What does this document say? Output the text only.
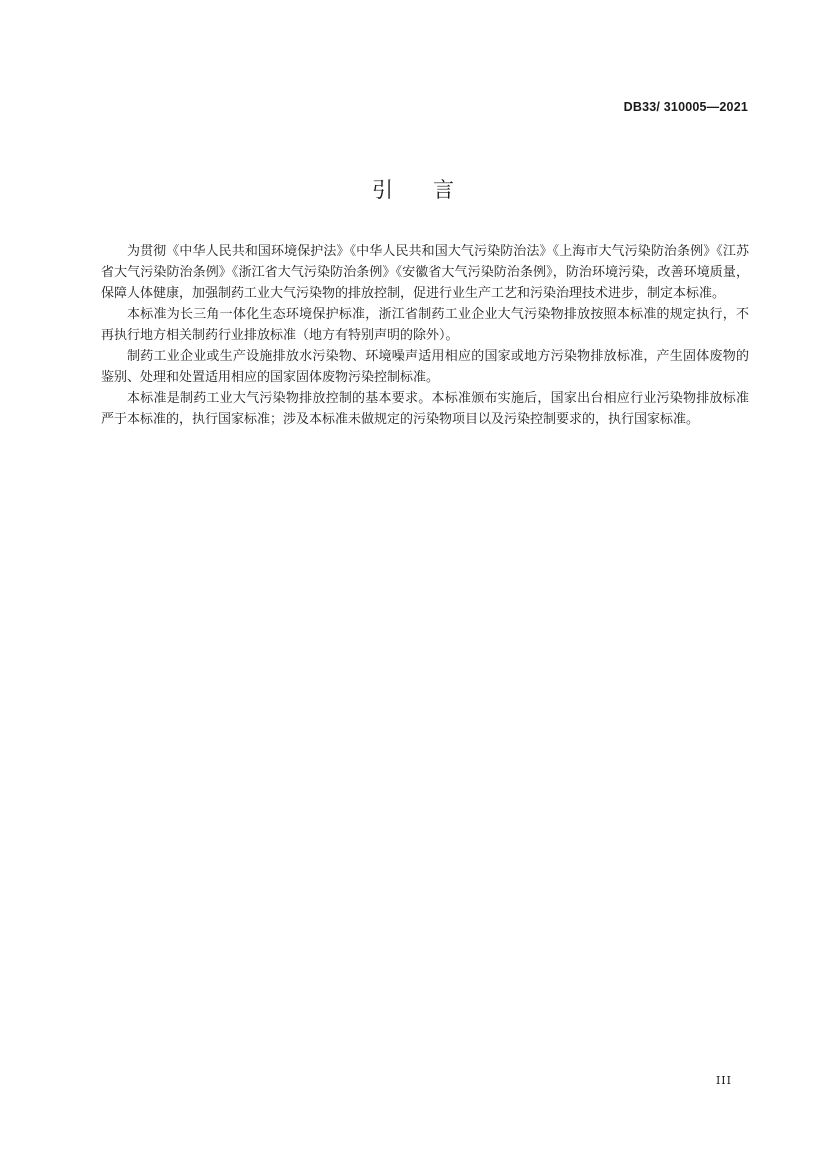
DB33/ 310005—2021
引言

为贯彻《中华人民共和国环境保护法》《中华人民共和国大气污染防治法》《上海市大气污染防治条例》《江苏省大气污染防治条例》《浙江省大气污染防治条例》《安徽省大气污染防治条例》，防治环境污染，改善环境质量，保障人体健康，加强制药工业大气污染物的排放控制，促进行业生产工艺和污染治理技术进步，制定本标准。

本标准为长三角一体化生态环境保护标准，浙江省制药工业企业大气污染物排放按照本标准的规定执行，不再执行地方相关制药行业排放标准（地方有特别声明的除外）。

制药工业企业或生产设施排放水污染物、环境噪声适用相应的国家或地方污染物排放标准，产生固体废物的鉴别、处理和处置适用相应的国家固体废物污染控制标准。

本标准是制药工业大气污染物排放控制的基本要求。本标准颁布实施后，国家出台相应行业污染物排放标准严于本标准的，执行国家标准；涉及本标准未做规定的污染物项目以及污染控制要求的，执行国家标准。

III
